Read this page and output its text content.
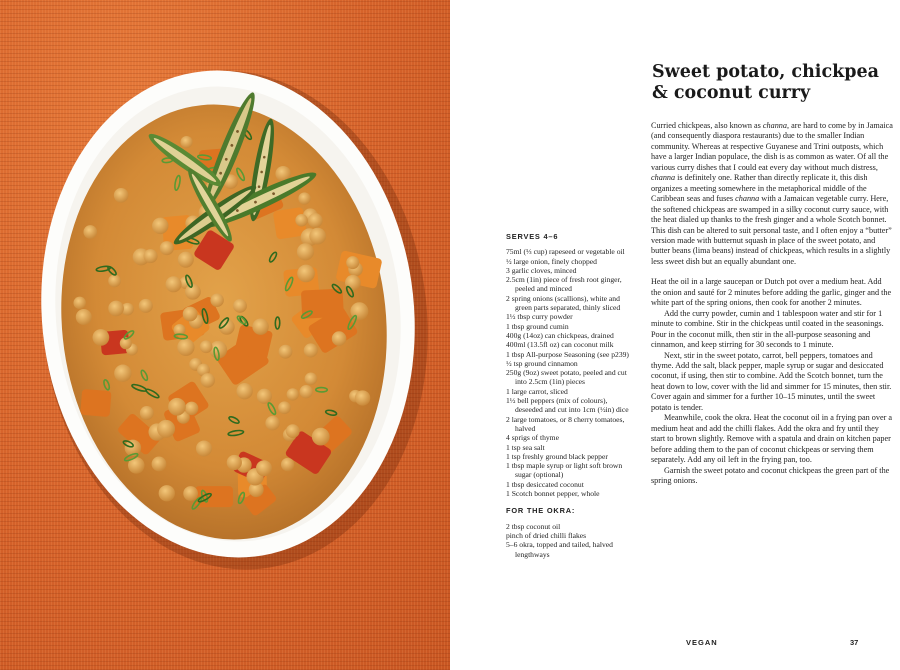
Sweet potato, chickpea & coconut curry
SERVES 4–6
75ml (⅓ cup) rapeseed or vegetable oil
½ large onion, finely chopped
3 garlic cloves, minced
2.5cm (1in) piece of fresh root ginger, peeled and minced
2 spring onions (scallions), white and green parts separated, thinly sliced
1½ tbsp curry powder
1 tbsp ground cumin
400g (14oz) can chickpeas, drained
400ml (13.5fl oz) can coconut milk
1 tbsp All-purpose Seasoning (see p239)
½ tsp ground cinnamon
250g (9oz) sweet potato, peeled and cut into 2.5cm (1in) pieces
1 large carrot, sliced
1½ bell peppers (mix of colours), deseeded and cut into 1cm (½in) dice
2 large tomatoes, or 8 cherry tomatoes, halved
4 sprigs of thyme
1 tsp sea salt
1 tsp freshly ground black pepper
1 tbsp maple syrup or light soft brown sugar (optional)
1 tbsp desiccated coconut
1 Scotch bonnet pepper, whole
FOR THE OKRA:
2 tbsp coconut oil
pinch of dried chilli flakes
5–6 okra, topped and tailed, halved lengthways

Curried chickpeas, also known as channa, are hard to come by in Jamaica (and consequently diaspora restaurants) due to the smaller Indian community. Whereas at respective Guyanese and Trini outposts, which have a larger Indian populace, the dish is as common as water. Of all the various curry dishes that I could eat every day without much distress, channa is definitely one. Rather than directly replicate it, this dish organizes a meeting somewhere in the metaphorical middle of the Caribbean seas and fuses channa with a Jamaican vegetable curry. Here, the softened chickpeas are swamped in a silky coconut curry sauce, with the heat dialed up thanks to the fresh ginger and a whole Scotch bonnet. This dish can be altered to suit personal taste, and I often enjoy a “butter” version made with butternut squash in place of the sweet potato, and butter beans (lima beans) instead of chickpeas, which results in a slightly less sweet dish but an equally abundant one.

Heat the oil in a large saucepan or Dutch pot over a medium heat. Add the onion and sauté for 2 minutes before adding the garlic, ginger and the white part of the spring onions, then cook for another 2 minutes.

Add the curry powder, cumin and 1 tablespoon water and stir for 1 minute to combine. Stir in the chickpeas until coated in the seasonings. Pour in the coconut milk, then stir in the all-purpose seasoning and cinnamon, and keep stirring for 30 seconds to 1 minute.

Next, stir in the sweet potato, carrot, bell peppers, tomatoes and thyme. Add the salt, black pepper, maple syrup or sugar and desiccated coconut, if using, then stir to combine. Add the Scotch bonnet, turn the heat down to low, cover with the lid and simmer for 15 minutes, then stir. Cover again and simmer for a further 10–15 minutes, until the sweet potato is tender.

Meanwhile, cook the okra. Heat the coconut oil in a frying pan over a medium heat and add the chilli flakes. Add the okra and fry until they start to brown slightly. Remove with a spatula and drain on kitchen paper before adding them to the pan of coconut chickpeas or serving them separately. Add any oil left in the frying pan, too.

Garnish the sweet potato and coconut chickpeas the green part of the spring onions.

VEGAN	37
